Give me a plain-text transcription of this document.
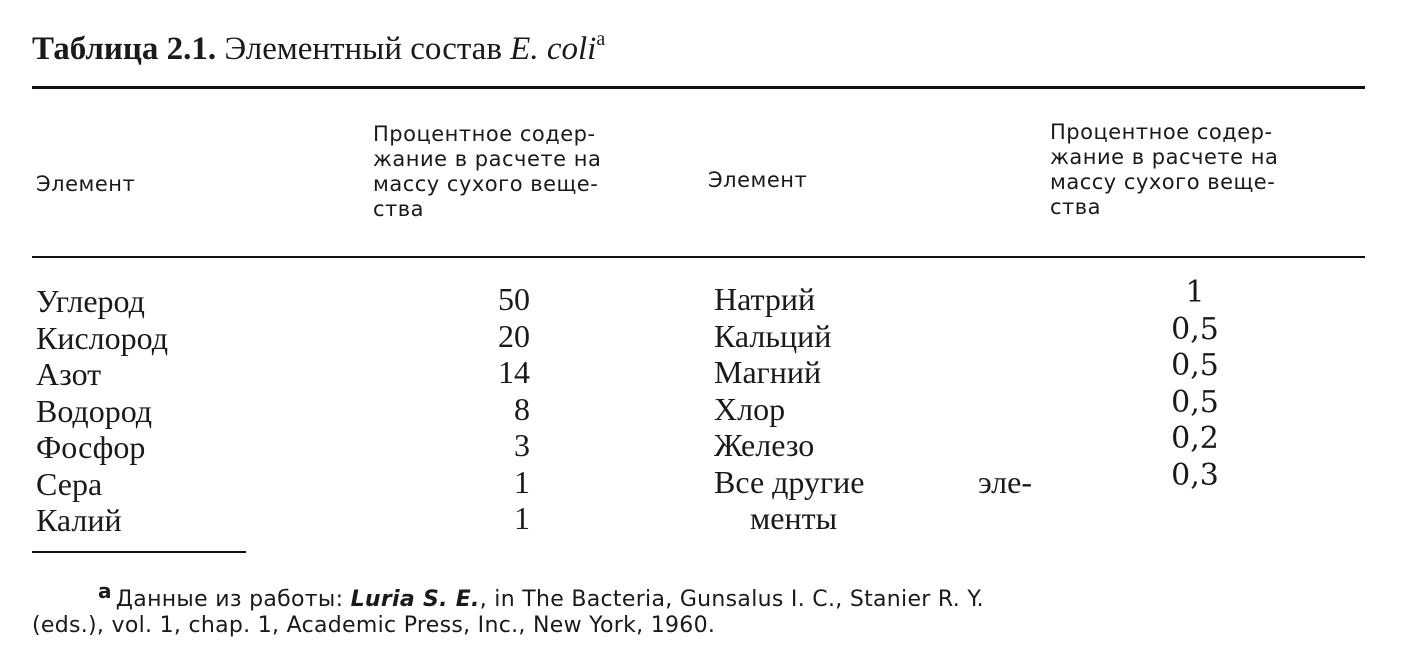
Таблица 2.1. Элементный состав E. coli$^a$
Элемент
Процентное содер-
жание в расчете на
массу сухого веще-
ства
Элемент
Процентное содер-
жание в расчете на
массу сухого веще-
ства
Углерод
Кислород
Азот
Водород
Фосфор
Сера
Калий
50
20
14
8
3
1
1
Натрий
Кальций
Магний
Хлор
Железо
Все другие	эле-
менты
1
0,5
0,5
0,5
0,2
0,3
a Данные из работы: Luria S. E., in The Bacteria, Gunsalus I. C., Stanier R. Y.
(eds.), vol. 1, chap. 1, Academic Press, Inc., New York, 1960.
